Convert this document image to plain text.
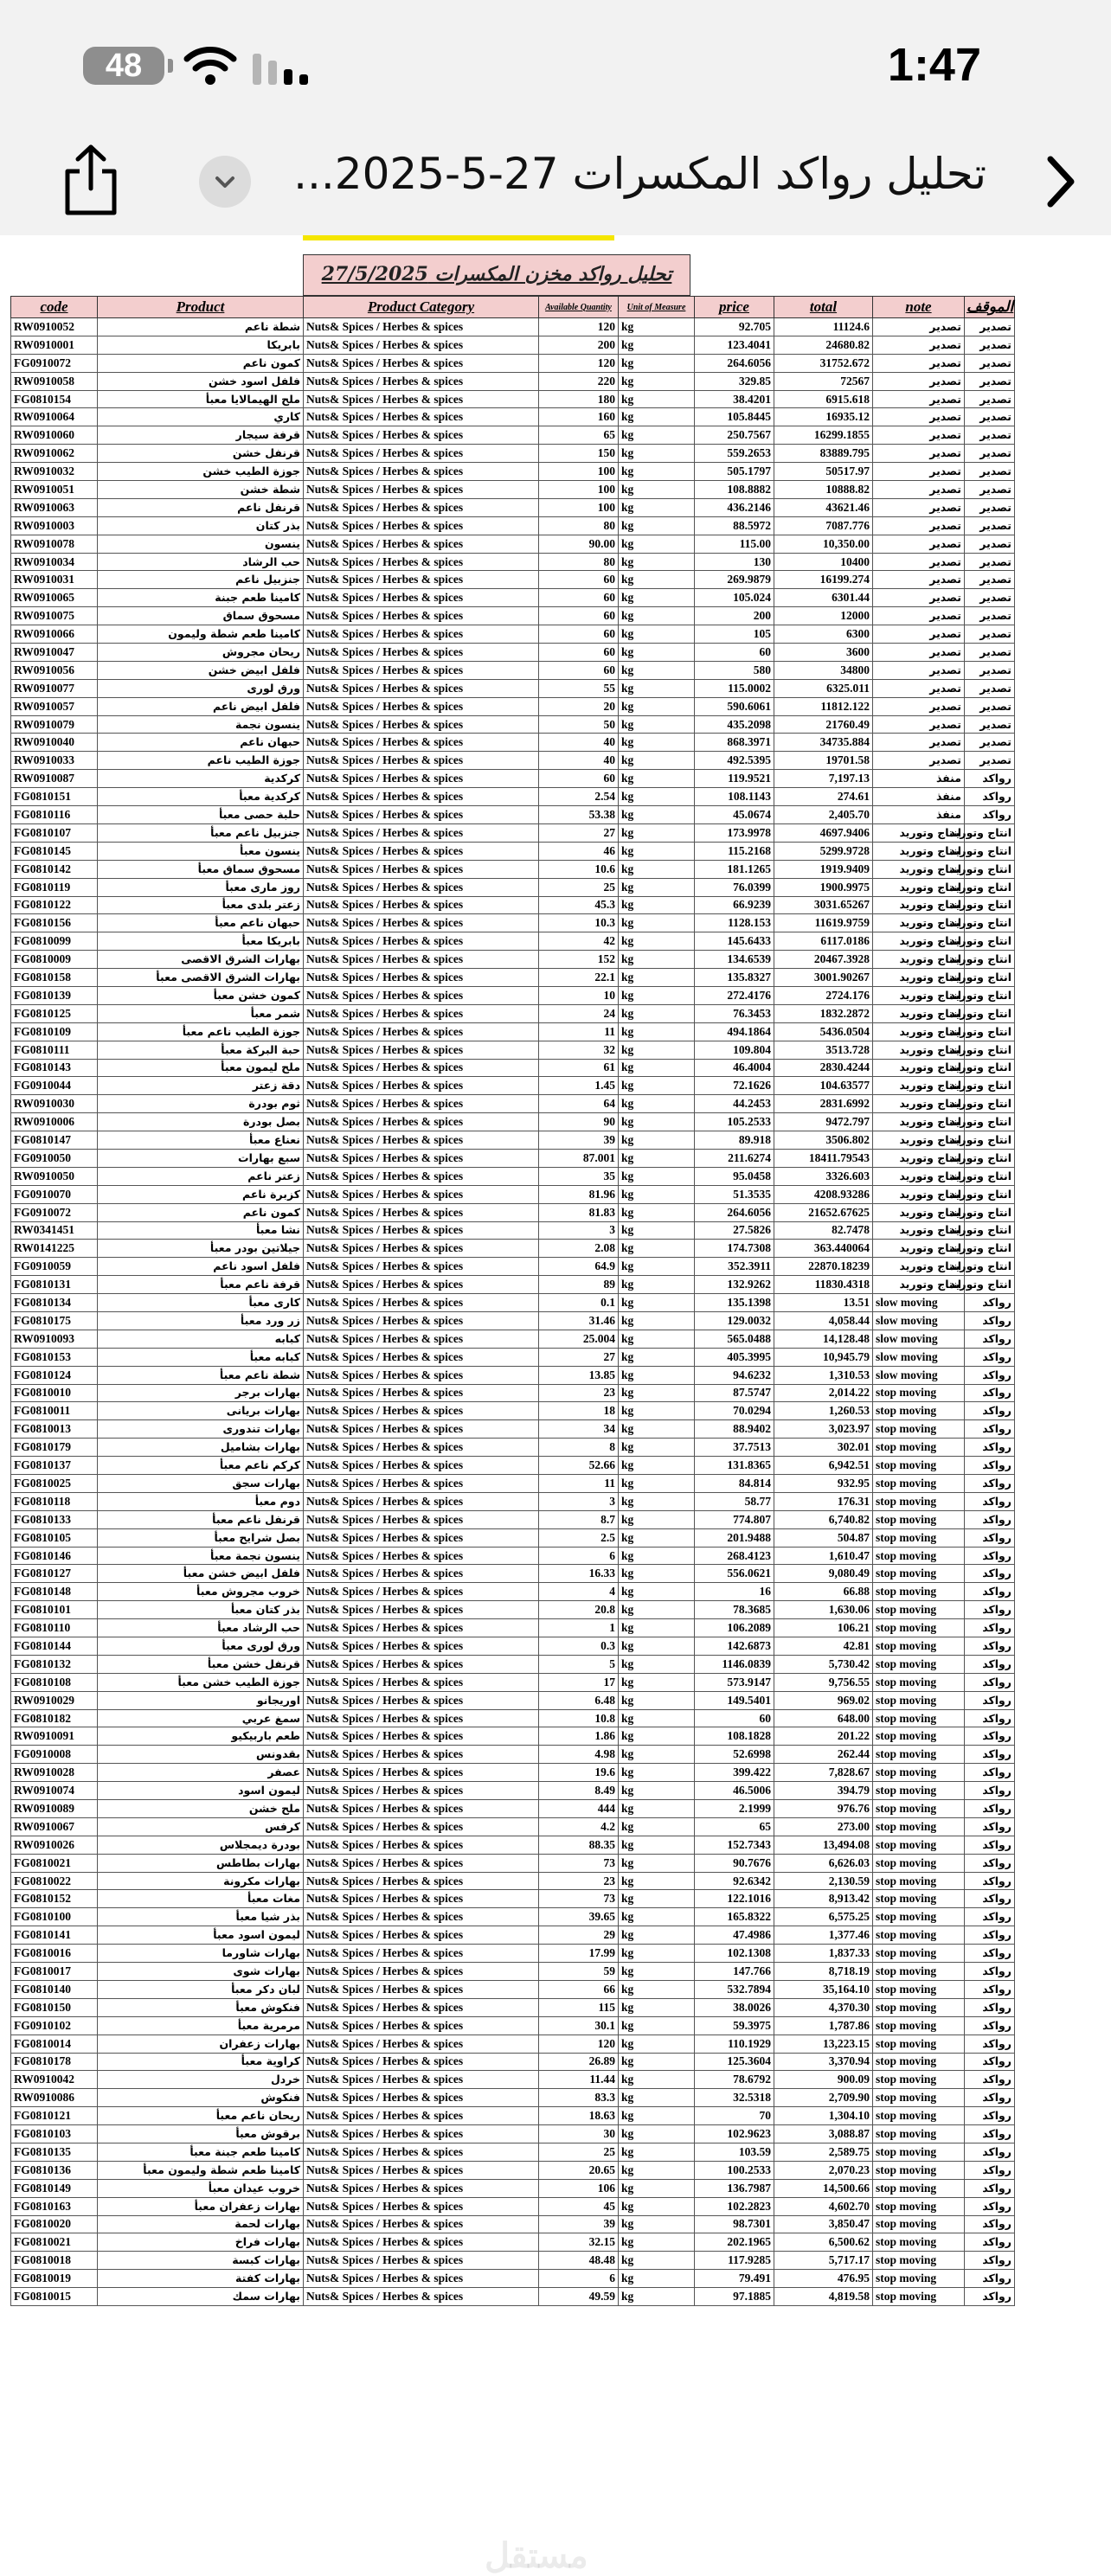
48	1:47
تحليل رواكد المكسرات 27-5-2025...
تحليل رواكد مخزن المكسرات 27/5/2025
code	Product	Product Category	Available Quantity	Unit of Measure	price	total	note	الموقف
RW0910052	شطة ناعم	Nuts& Spices / Herbes & spices	120	kg	92.705	11124.6	تصدير	تصدير
RW0910001	بابريكا	Nuts& Spices / Herbes & spices	200	kg	123.4041	24680.82	تصدير	تصدير
FG0910072	كمون ناعم	Nuts& Spices / Herbes & spices	120	kg	264.6056	31752.672	تصدير	تصدير
RW0910058	فلفل اسود خشن	Nuts& Spices / Herbes & spices	220	kg	329.85	72567	تصدير	تصدير
FG0810154	ملح الهيمالايا معبأ	Nuts& Spices / Herbes & spices	180	kg	38.4201	6915.618	تصدير	تصدير
RW0910064	كاري	Nuts& Spices / Herbes & spices	160	kg	105.8445	16935.12	تصدير	تصدير
RW0910060	قرفة سيجار	Nuts& Spices / Herbes & spices	65	kg	250.7567	16299.1855	تصدير	تصدير
RW0910062	قرنفل خشن	Nuts& Spices / Herbes & spices	150	kg	559.2653	83889.795	تصدير	تصدير
RW0910032	جوزة الطيب خشن	Nuts& Spices / Herbes & spices	100	kg	505.1797	50517.97	تصدير	تصدير
RW0910051	شطة خشن	Nuts& Spices / Herbes & spices	100	kg	108.8882	10888.82	تصدير	تصدير
RW0910063	قرنفل ناعم	Nuts& Spices / Herbes & spices	100	kg	436.2146	43621.46	تصدير	تصدير
RW0910003	بذر كتان	Nuts& Spices / Herbes & spices	80	kg	88.5972	7087.776	تصدير	تصدير
RW0910078	ينسون	Nuts& Spices / Herbes & spices	90.00	kg	115.00	10,350.00	تصدير	تصدير
RW0910034	حب الرشاد	Nuts& Spices / Herbes & spices	80	kg	130	10400	تصدير	تصدير
RW0910031	جنزبيل ناعم	Nuts& Spices / Herbes & spices	60	kg	269.9879	16199.274	تصدير	تصدير
RW0910065	كامينا طعم جبنة	Nuts& Spices / Herbes & spices	60	kg	105.024	6301.44	تصدير	تصدير
RW0910075	مسحوق سماق	Nuts& Spices / Herbes & spices	60	kg	200	12000	تصدير	تصدير
RW0910066	كامينا طعم شطة وليمون	Nuts& Spices / Herbes & spices	60	kg	105	6300	تصدير	تصدير
RW0910047	ريحان مجروش	Nuts& Spices / Herbes & spices	60	kg	60	3600	تصدير	تصدير
RW0910056	فلفل ابيض خشن	Nuts& Spices / Herbes & spices	60	kg	580	34800	تصدير	تصدير
RW0910077	ورق لورى	Nuts& Spices / Herbes & spices	55	kg	115.0002	6325.011	تصدير	تصدير
RW0910057	فلفل ابيض ناعم	Nuts& Spices / Herbes & spices	20	kg	590.6061	11812.122	تصدير	تصدير
RW0910079	ينسون نجمة	Nuts& Spices / Herbes & spices	50	kg	435.2098	21760.49	تصدير	تصدير
RW0910040	حبهان ناعم	Nuts& Spices / Herbes & spices	40	kg	868.3971	34735.884	تصدير	تصدير
RW0910033	جوزة الطيب ناعم	Nuts& Spices / Herbes & spices	40	kg	492.5395	19701.58	تصدير	تصدير
RW0910087	كركدية	Nuts& Spices / Herbes & spices	60	kg	119.9521	7,197.13	منفذ	رواكد
FG0810151	كركدية معبأ	Nuts& Spices / Herbes & spices	2.54	kg	108.1143	274.61	منفذ	رواكد
FG0810116	حلبة حصى معبأ	Nuts& Spices / Herbes & spices	53.38	kg	45.0674	2,405.70	منفذ	رواكد
FG0810107	جنزبيل ناعم معبأ	Nuts& Spices / Herbes & spices	27	kg	173.9978	4697.9406	انتاج وتوريد	انتاج وتوريد
FG0810145	ينسون معبأ	Nuts& Spices / Herbes & spices	46	kg	115.2168	5299.9728	انتاج وتوريد	انتاج وتوريد
FG0810142	مسحوق سماق معبأ	Nuts& Spices / Herbes & spices	10.6	kg	181.1265	1919.9409	انتاج وتوريد	انتاج وتوريد
FG0810119	روز مارى معبأ	Nuts& Spices / Herbes & spices	25	kg	76.0399	1900.9975	انتاج وتوريد	انتاج وتوريد
FG0810122	زعتر بلدى معبأ	Nuts& Spices / Herbes & spices	45.3	kg	66.9239	3031.65267	انتاج وتوريد	انتاج وتوريد
FG0810156	حبهان ناعم معبأ	Nuts& Spices / Herbes & spices	10.3	kg	1128.153	11619.9759	انتاج وتوريد	انتاج وتوريد
FG0810099	بابريكا معبأ	Nuts& Spices / Herbes & spices	42	kg	145.6433	6117.0186	انتاج وتوريد	انتاج وتوريد
FG0810009	بهارات الشرق الاقصى	Nuts& Spices / Herbes & spices	152	kg	134.6539	20467.3928	انتاج وتوريد	انتاج وتوريد
FG0810158	بهارات الشرق الاقصى معبأ	Nuts& Spices / Herbes & spices	22.1	kg	135.8327	3001.90267	انتاج وتوريد	انتاج وتوريد
FG0810139	كمون خشن معبأ	Nuts& Spices / Herbes & spices	10	kg	272.4176	2724.176	انتاج وتوريد	انتاج وتوريد
FG0810125	شمر معبأ	Nuts& Spices / Herbes & spices	24	kg	76.3453	1832.2872	انتاج وتوريد	انتاج وتوريد
FG0810109	جوزة الطيب ناعم معبأ	Nuts& Spices / Herbes & spices	11	kg	494.1864	5436.0504	انتاج وتوريد	انتاج وتوريد
FG0810111	حبة البركة معبأ	Nuts& Spices / Herbes & spices	32	kg	109.804	3513.728	انتاج وتوريد	انتاج وتوريد
FG0810143	ملح ليمون معبأ	Nuts& Spices / Herbes & spices	61	kg	46.4004	2830.4244	انتاج وتوريد	انتاج وتوريد
FG0910044	دقة زعتر	Nuts& Spices / Herbes & spices	1.45	kg	72.1626	104.63577	انتاج وتوريد	انتاج وتوريد
RW0910030	ثوم بودرة	Nuts& Spices / Herbes & spices	64	kg	44.2453	2831.6992	انتاج وتوريد	انتاج وتوريد
RW0910006	بصل بودرة	Nuts& Spices / Herbes & spices	90	kg	105.2533	9472.797	انتاج وتوريد	انتاج وتوريد
FG0810147	نعناع معبأ	Nuts& Spices / Herbes & spices	39	kg	89.918	3506.802	انتاج وتوريد	انتاج وتوريد
FG0910050	سبع بهارات	Nuts& Spices / Herbes & spices	87.001	kg	211.6274	18411.79543	انتاج وتوريد	انتاج وتوريد
RW0910050	زعتر ناعم	Nuts& Spices / Herbes & spices	35	kg	95.0458	3326.603	انتاج وتوريد	انتاج وتوريد
FG0910070	كزبرة ناعم	Nuts& Spices / Herbes & spices	81.96	kg	51.3535	4208.93286	انتاج وتوريد	انتاج وتوريد
FG0910072	كمون ناعم	Nuts& Spices / Herbes & spices	81.83	kg	264.6056	21652.67625	انتاج وتوريد	انتاج وتوريد
RW0341451	نشا معبأ	Nuts& Spices / Herbes & spices	3	kg	27.5826	82.7478	انتاج وتوريد	انتاج وتوريد
RW0141225	جيلاتين بودر معبأ	Nuts& Spices / Herbes & spices	2.08	kg	174.7308	363.440064	انتاج وتوريد	انتاج وتوريد
FG0910059	فلفل اسود ناعم	Nuts& Spices / Herbes & spices	64.9	kg	352.3911	22870.18239	انتاج وتوريد	انتاج وتوريد
FG0810131	قرفة ناعم معبأ	Nuts& Spices / Herbes & spices	89	kg	132.9262	11830.4318	انتاج وتوريد	انتاج وتوريد
FG0810134	كارى معبأ	Nuts& Spices / Herbes & spices	0.1	kg	135.1398	13.51	slow moving	رواكد
FG0810175	زر ورد معبأ	Nuts& Spices / Herbes & spices	31.46	kg	129.0032	4,058.44	slow moving	رواكد
RW0910093	كبابه	Nuts& Spices / Herbes & spices	25.004	kg	565.0488	14,128.48	slow moving	رواكد
FG0810153	كبابه معبأ	Nuts& Spices / Herbes & spices	27	kg	405.3995	10,945.79	slow moving	رواكد
FG0810124	شطة ناعم معبأ	Nuts& Spices / Herbes & spices	13.85	kg	94.6232	1,310.53	slow moving	رواكد
FG0810010	بهارات برجر	Nuts& Spices / Herbes & spices	23	kg	87.5747	2,014.22	stop moving	رواكد
FG0810011	بهارات بريانى	Nuts& Spices / Herbes & spices	18	kg	70.0294	1,260.53	stop moving	رواكد
FG0810013	بهارات تندورى	Nuts& Spices / Herbes & spices	34	kg	88.9402	3,023.97	stop moving	رواكد
FG0810179	بهارات بشاميل	Nuts& Spices / Herbes & spices	8	kg	37.7513	302.01	stop moving	رواكد
FG0810137	كركم ناعم معبأ	Nuts& Spices / Herbes & spices	52.66	kg	131.8365	6,942.51	stop moving	رواكد
FG0810025	بهارات سجق	Nuts& Spices / Herbes & spices	11	kg	84.814	932.95	stop moving	رواكد
FG0810118	دوم معبأ	Nuts& Spices / Herbes & spices	3	kg	58.77	176.31	stop moving	رواكد
FG0810133	قرنفل ناعم معبأ	Nuts& Spices / Herbes & spices	8.7	kg	774.807	6,740.82	stop moving	رواكد
FG0810105	بصل شرايح معبأ	Nuts& Spices / Herbes & spices	2.5	kg	201.9488	504.87	stop moving	رواكد
FG0810146	ينسون نجمة معبأ	Nuts& Spices / Herbes & spices	6	kg	268.4123	1,610.47	stop moving	رواكد
FG0810127	فلفل ابيض خشن معبأ	Nuts& Spices / Herbes & spices	16.33	kg	556.0621	9,080.49	stop moving	رواكد
FG0810148	خروب مجروش معبأ	Nuts& Spices / Herbes & spices	4	kg	16	66.88	stop moving	رواكد
FG0810101	بذر كتان معبأ	Nuts& Spices / Herbes & spices	20.8	kg	78.3685	1,630.06	stop moving	رواكد
FG0810110	حب الرشاد معبأ	Nuts& Spices / Herbes & spices	1	kg	106.2089	106.21	stop moving	رواكد
FG0810144	ورق لورى معبأ	Nuts& Spices / Herbes & spices	0.3	kg	142.6873	42.81	stop moving	رواكد
FG0810132	قرنفل خشن معبأ	Nuts& Spices / Herbes & spices	5	kg	1146.0839	5,730.42	stop moving	رواكد
FG0810108	جوزة الطيب خشن معبأ	Nuts& Spices / Herbes & spices	17	kg	573.9147	9,756.55	stop moving	رواكد
RW0910029	اوريجانو	Nuts& Spices / Herbes & spices	6.48	kg	149.5401	969.02	stop moving	رواكد
FG0810182	سمغ عربي	Nuts& Spices / Herbes & spices	10.8	kg	60	648.00	stop moving	رواكد
RW0910091	طعم باربيكيو	Nuts& Spices / Herbes & spices	1.86	kg	108.1828	201.22	stop moving	رواكد
FG0910008	بقدونس	Nuts& Spices / Herbes & spices	4.98	kg	52.6998	262.44	stop moving	رواكد
RW0910028	عصفر	Nuts& Spices / Herbes & spices	19.6	kg	399.422	7,828.67	stop moving	رواكد
RW0910074	ليمون اسود	Nuts& Spices / Herbes & spices	8.49	kg	46.5006	394.79	stop moving	رواكد
RW0910089	ملح خشن	Nuts& Spices / Herbes & spices	444	kg	2.1999	976.76	stop moving	رواكد
RW0910067	كرفس	Nuts& Spices / Herbes & spices	4.2	kg	65	273.00	stop moving	رواكد
RW0910026	بودرة ديمجلاس	Nuts& Spices / Herbes & spices	88.35	kg	152.7343	13,494.08	stop moving	رواكد
FG0810021	بهارات بطاطس	Nuts& Spices / Herbes & spices	73	kg	90.7676	6,626.03	stop moving	رواكد
FG0810022	بهارات مكرونة	Nuts& Spices / Herbes & spices	23	kg	92.6342	2,130.59	stop moving	رواكد
FG0810152	مغات معبأ	Nuts& Spices / Herbes & spices	73	kg	122.1016	8,913.42	stop moving	رواكد
FG0810100	بذر شيا معبأ	Nuts& Spices / Herbes & spices	39.65	kg	165.8322	6,575.25	stop moving	رواكد
FG0810141	ليمون اسود معبأ	Nuts& Spices / Herbes & spices	29	kg	47.4986	1,377.46	stop moving	رواكد
FG0810016	بهارات شاورما	Nuts& Spices / Herbes & spices	17.99	kg	102.1308	1,837.33	stop moving	رواكد
FG0810017	بهارات شوى	Nuts& Spices / Herbes & spices	59	kg	147.766	8,718.19	stop moving	رواكد
FG0810140	لبان دكر معبأ	Nuts& Spices / Herbes & spices	66	kg	532.7894	35,164.10	stop moving	رواكد
FG0810150	فنكوش معبأ	Nuts& Spices / Herbes & spices	115	kg	38.0026	4,370.30	stop moving	رواكد
FG0910102	مرمرية معبأ	Nuts& Spices / Herbes & spices	30.1	kg	59.3975	1,787.86	stop moving	رواكد
FG0810014	بهارات زعفران	Nuts& Spices / Herbes & spices	120	kg	110.1929	13,223.15	stop moving	رواكد
FG0810178	كراوية معبأ	Nuts& Spices / Herbes & spices	26.89	kg	125.3604	3,370.94	stop moving	رواكد
RW0910042	خردل	Nuts& Spices / Herbes & spices	11.44	kg	78.6792	900.09	stop moving	رواكد
RW0910086	فنكوش	Nuts& Spices / Herbes & spices	83.3	kg	32.5318	2,709.90	stop moving	رواكد
FG0810121	ريحان ناعم معبأ	Nuts& Spices / Herbes & spices	18.63	kg	70	1,304.10	stop moving	رواكد
FG0810103	برقوش معبأ	Nuts& Spices / Herbes & spices	30	kg	102.9623	3,088.87	stop moving	رواكد
FG0810135	كامينا طعم جبنة معبأ	Nuts& Spices / Herbes & spices	25	kg	103.59	2,589.75	stop moving	رواكد
FG0810136	كامينا طعم شطة وليمون معبأ	Nuts& Spices / Herbes & spices	20.65	kg	100.2533	2,070.23	stop moving	رواكد
FG0810149	خروب عيدان معبأ	Nuts& Spices / Herbes & spices	106	kg	136.7987	14,500.66	stop moving	رواكد
FG0810163	بهارات زعفران معبأ	Nuts& Spices / Herbes & spices	45	kg	102.2823	4,602.70	stop moving	رواكد
FG0810020	بهارات لحمة	Nuts& Spices / Herbes & spices	39	kg	98.7301	3,850.47	stop moving	رواكد
FG0810021	بهارات فراخ	Nuts& Spices / Herbes & spices	32.15	kg	202.1965	6,500.62	stop moving	رواكد
FG0810018	بهارات كبسة	Nuts& Spices / Herbes & spices	48.48	kg	117.9285	5,717.17	stop moving	رواكد
FG0810019	بهارات كفتة	Nuts& Spices / Herbes & spices	6	kg	79.491	476.95	stop moving	رواكد
FG0810015	بهارات سمك	Nuts& Spices / Herbes & spices	49.59	kg	97.1885	4,819.58	stop moving	رواكد
مستقل
